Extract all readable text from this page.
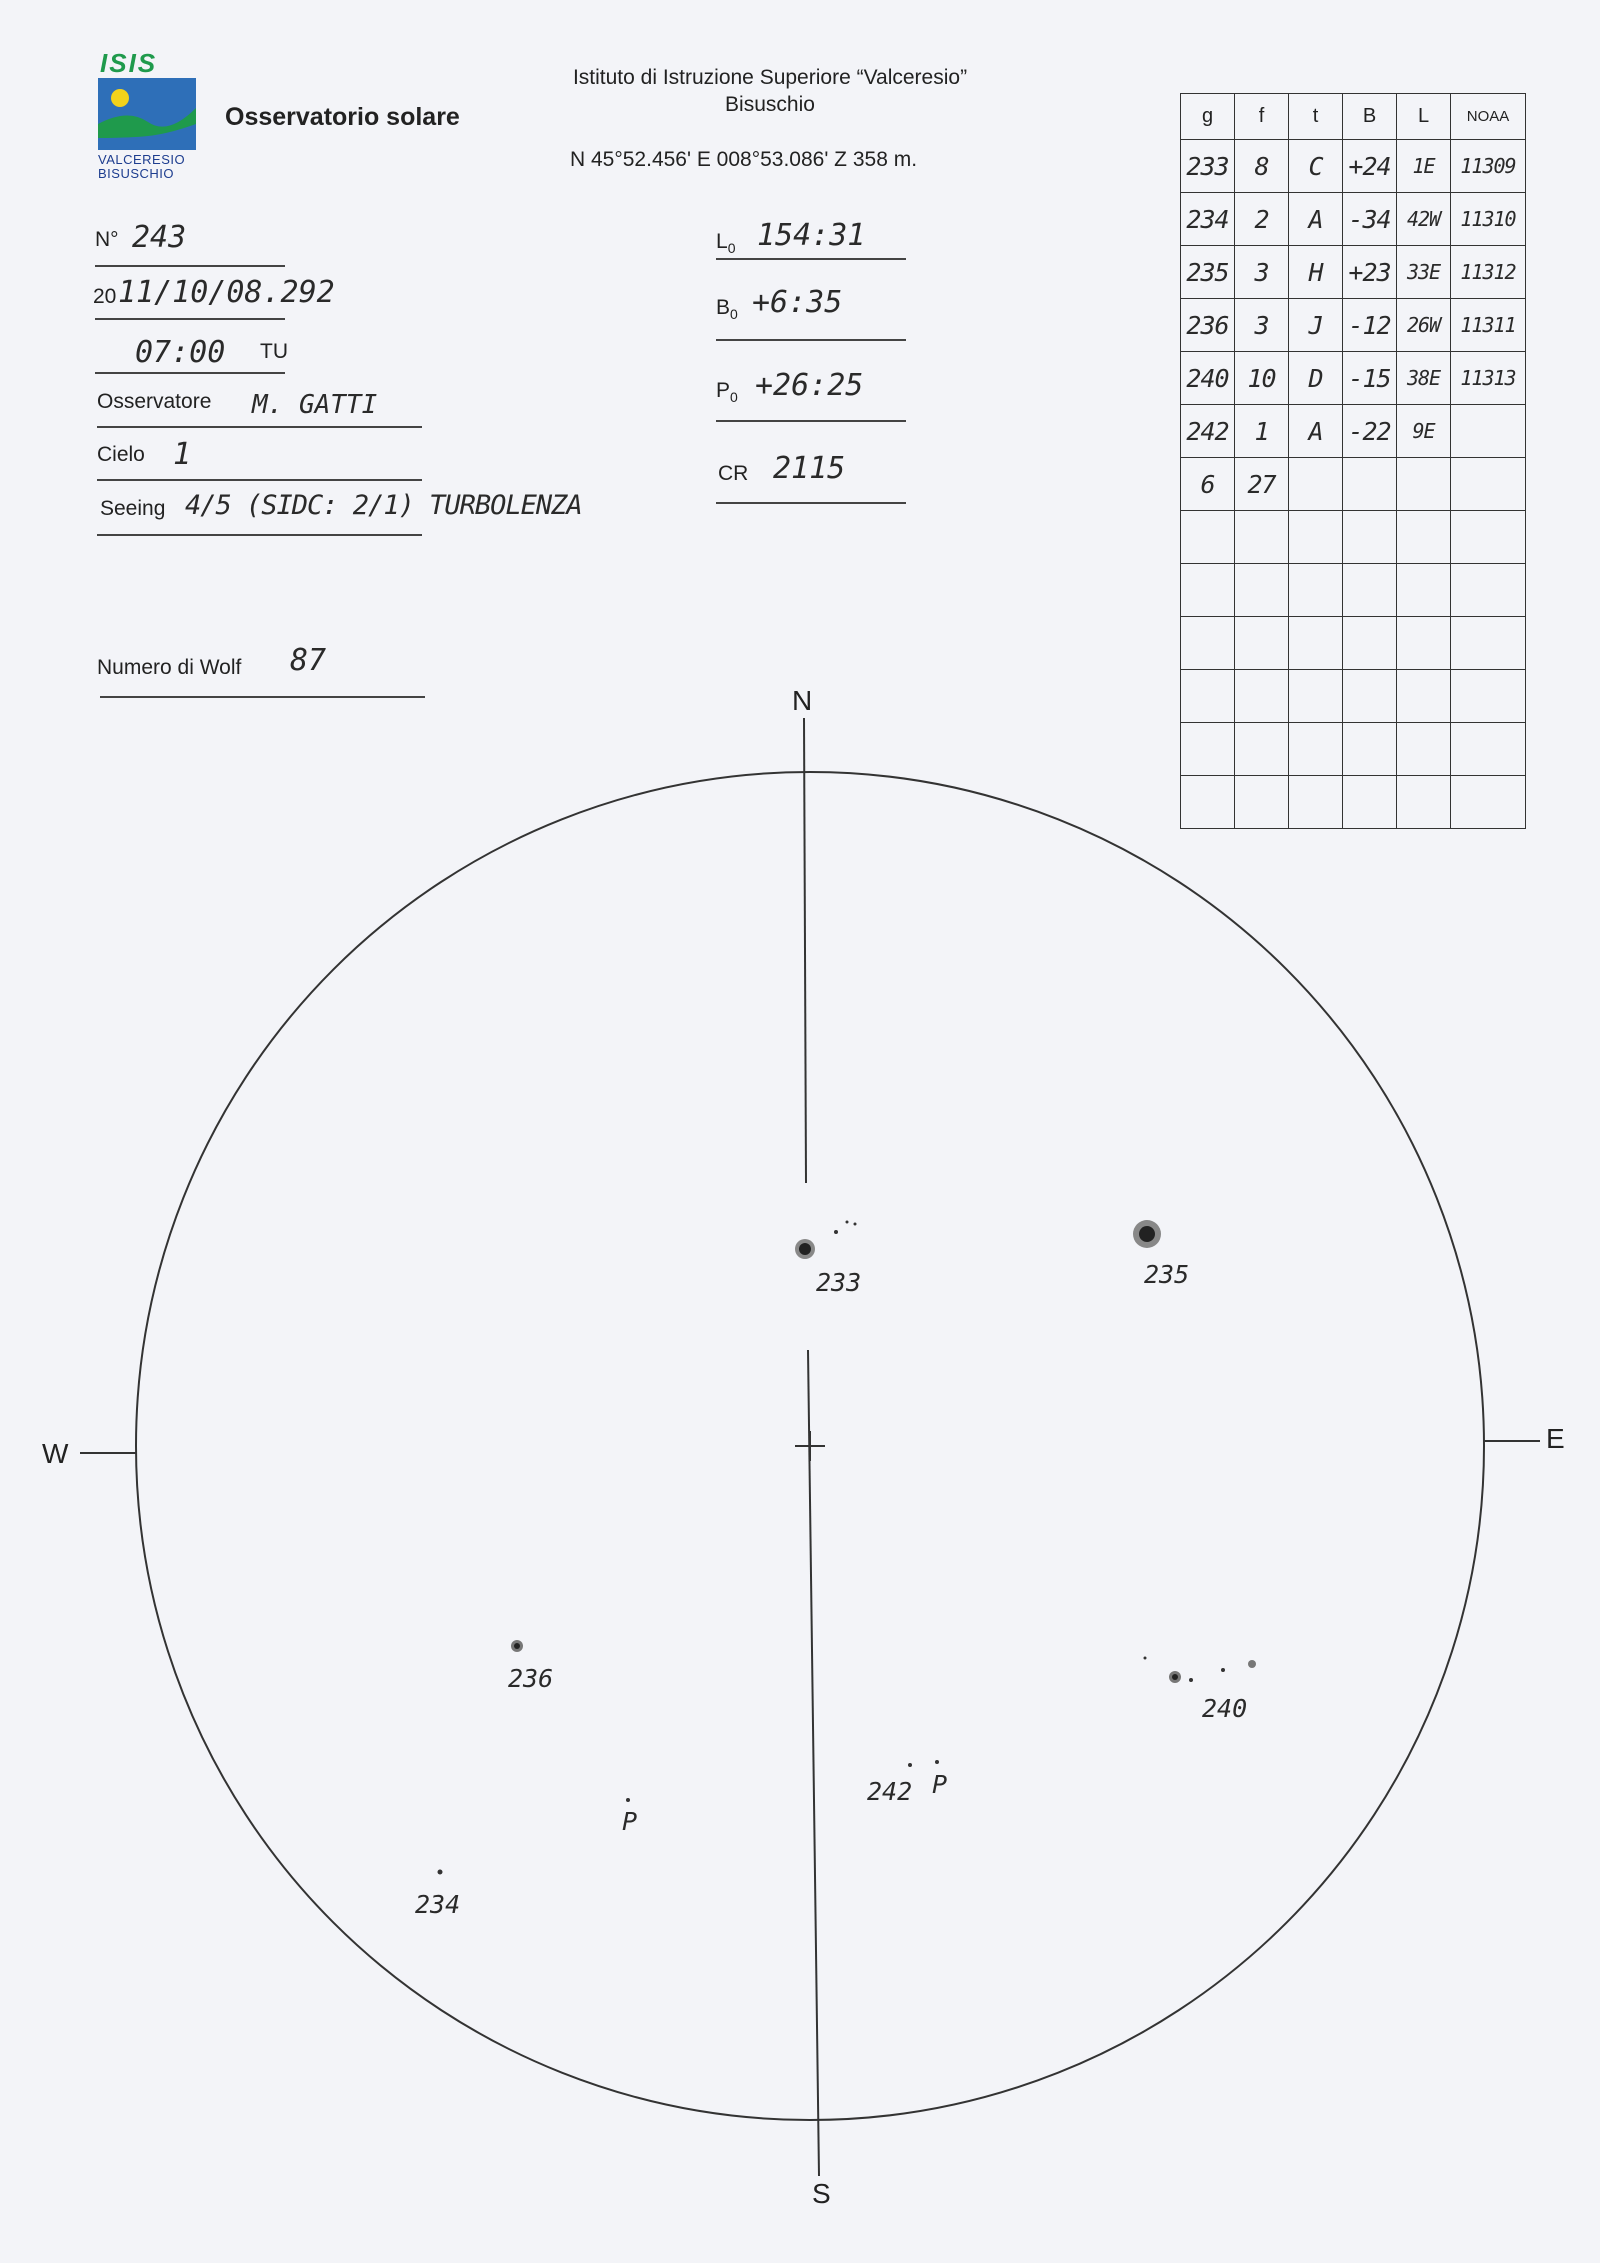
ISIS
VALCERESIO
BISUSCHIO
Osservatorio solare
Istituto di Istruzione Superiore “Valceresio”
Bisuschio
N 45°52.456' E 008°53.086' Z 358 m.
N° 243
20 11/10/08.292
07:00 TU
Osservatore M. GATTI
Cielo 1
Seeing 4/5 (SIDC: 2/1) TURBOLENZA
Numero di Wolf 87
$L_0$ 154:31
$B_0$ +6:35
$P_0$ +26:25
CR 2115
g	f	t	B	L	NOAA
233	8	C	+24	1E	11309
234	2	A	-34	42W	11310
235	3	H	+23	33E	11312
236	3	J	-12	26W	11311
240	10	D	-15	38E	11313
242	1	A	-22	9E	
6	27				

N
S
E
W
233	235
236
240
242 P
P
234
